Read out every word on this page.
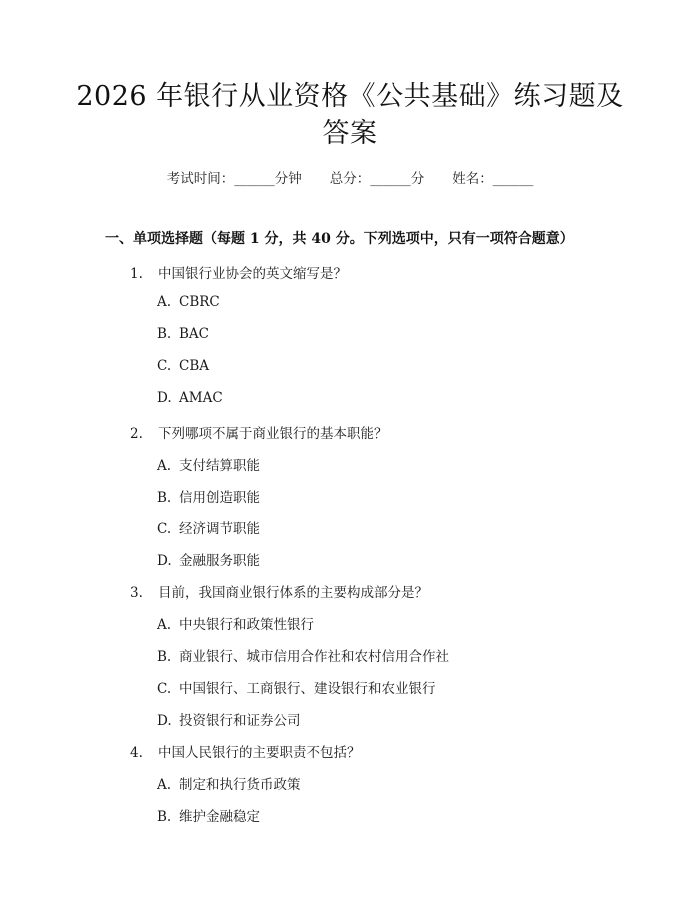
2026 年银行从业资格《公共基础》练习题及
答案
考试时间：______分钟 总分：______分 姓名：______
一、单项选择题（每题 1 分，共 40 分。下列选项中，只有一项符合题意）
1. 中国银行业协会的英文缩写是？
A. CBRC
B. BAC
C. CBA
D. AMAC
2. 下列哪项不属于商业银行的基本职能？
A. 支付结算职能
B. 信用创造职能
C. 经济调节职能
D. 金融服务职能
3. 目前，我国商业银行体系的主要构成部分是？
A. 中央银行和政策性银行
B. 商业银行、城市信用合作社和农村信用合作社
C. 中国银行、工商银行、建设银行和农业银行
D. 投资银行和证券公司
4. 中国人民银行的主要职责不包括？
A. 制定和执行货币政策
B. 维护金融稳定
